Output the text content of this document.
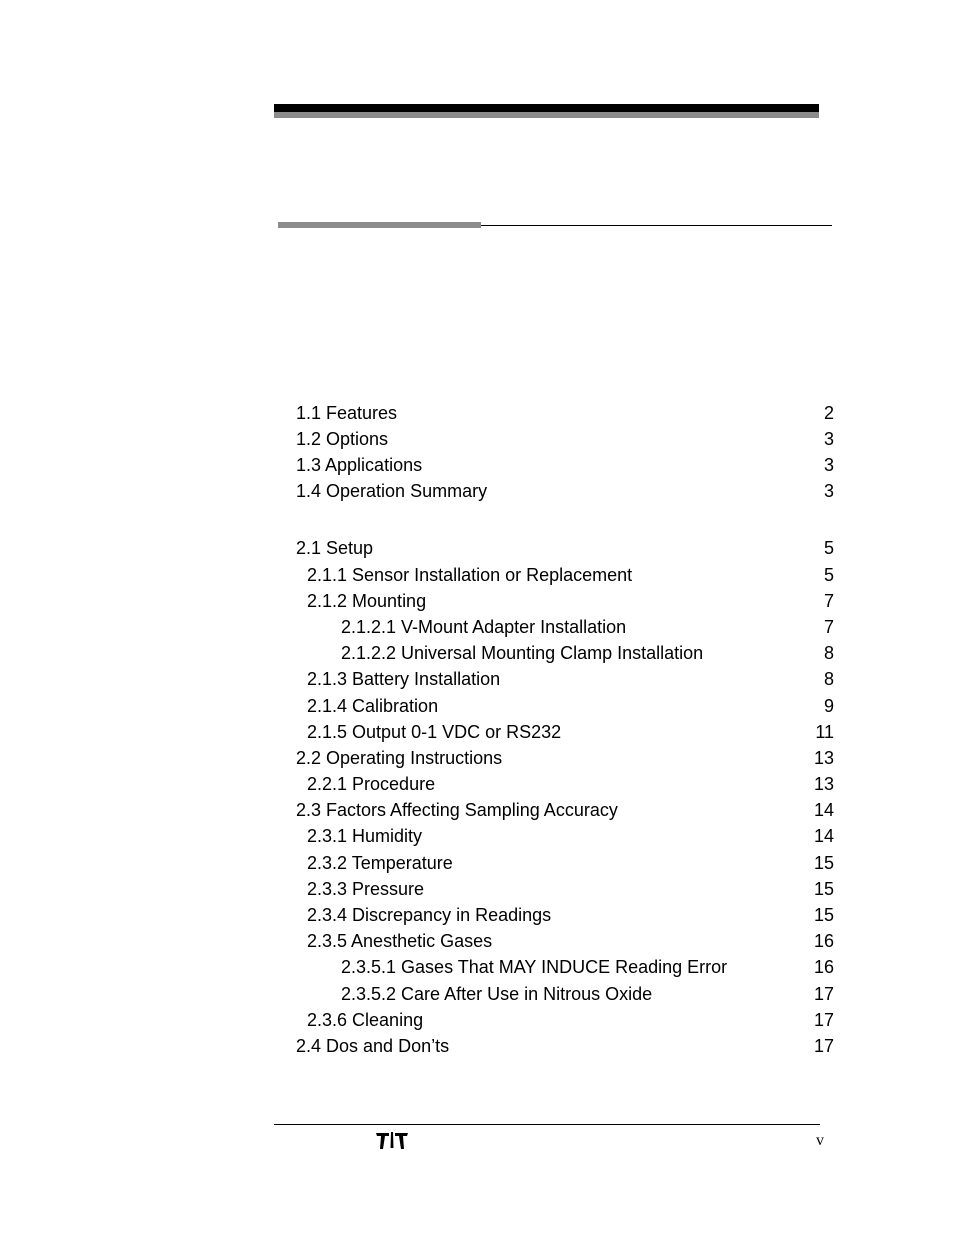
1.1 Features	2
1.2 Options	3
1.3 Applications	3
1.4 Operation Summary	3
2.1 Setup	5
2.1.1 Sensor Installation or Replacement	5
2.1.2 Mounting	7
2.1.2.1 V-Mount Adapter Installation	7
2.1.2.2 Universal Mounting Clamp Installation	8
2.1.3 Battery Installation	8
2.1.4 Calibration	9
2.1.5 Output 0-1 VDC or RS232	11
2.2 Operating Instructions	13
2.2.1 Procedure	13
2.3 Factors Affecting Sampling Accuracy	14
2.3.1 Humidity	14
2.3.2 Temperature	15
2.3.3 Pressure	15
2.3.4 Discrepancy in Readings	15
2.3.5 Anesthetic Gases	16
2.3.5.1 Gases That MAY INDUCE Reading Error	16
2.3.5.2 Care After Use in Nitrous Oxide	17
2.3.6 Cleaning	17
2.4 Dos and Don’ts	17
v
